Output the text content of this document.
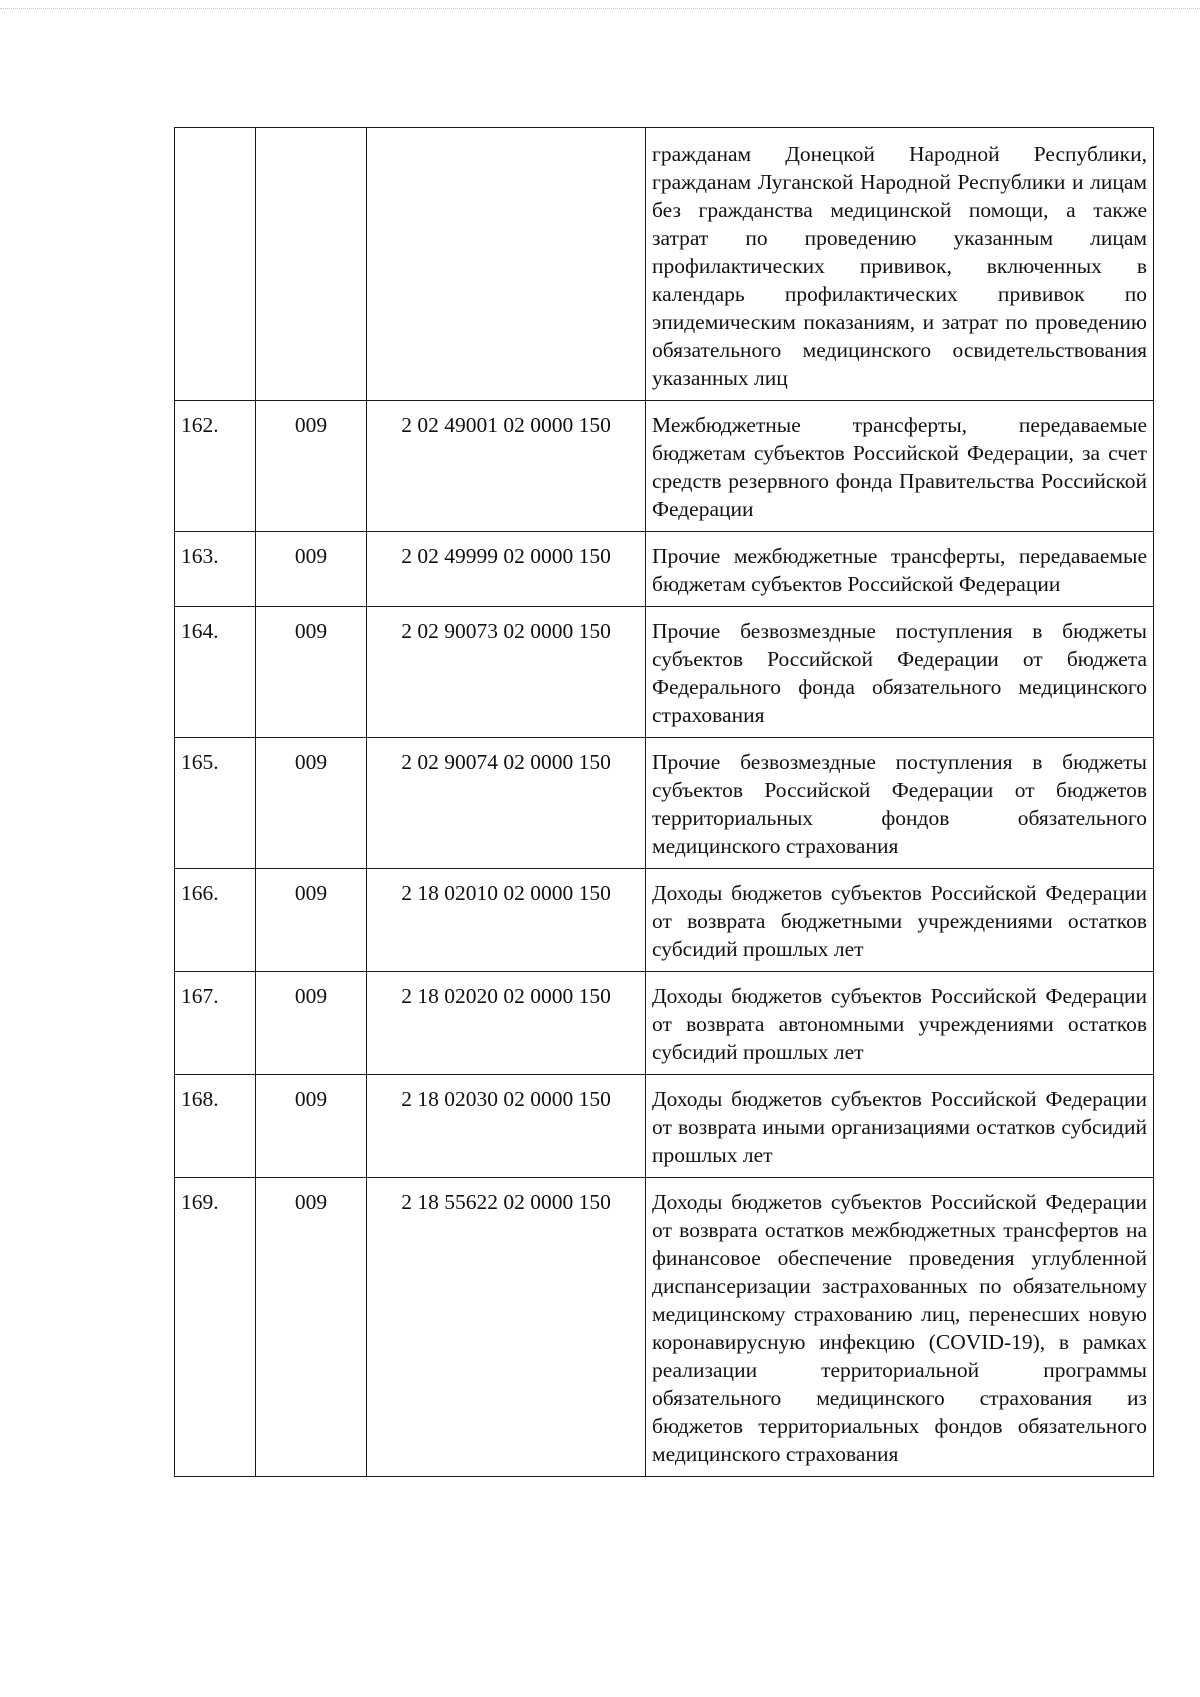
			гражданам Донецкой Народной Республики, гражданам Луганской Народной Республики и лицам без гражданства медицинской помощи, а также затрат по проведению указанным лицам профилактических прививок, включенных в календарь профилактических прививок по эпидемическим показаниям, и затрат по проведению обязательного медицинского освидетельствования указанных лиц
162.	009	2 02 49001 02 0000 150	Межбюджетные трансферты, передаваемые бюджетам субъектов Российской Федерации, за счет средств резервного фонда Правительства Российской Федерации
163.	009	2 02 49999 02 0000 150	Прочие межбюджетные трансферты, передаваемые бюджетам субъектов Российской Федерации
164.	009	2 02 90073 02 0000 150	Прочие безвозмездные поступления в бюджеты субъектов Российской Федерации от бюджета Федерального фонда обязательного медицинского страхования
165.	009	2 02 90074 02 0000 150	Прочие безвозмездные поступления в бюджеты субъектов Российской Федерации от бюджетов территориальных фондов обязательного медицинского страхования
166.	009	2 18 02010 02 0000 150	Доходы бюджетов субъектов Российской Федерации от возврата бюджетными учреждениями остатков субсидий прошлых лет
167.	009	2 18 02020 02 0000 150	Доходы бюджетов субъектов Российской Федерации от возврата автономными учреждениями остатков субсидий прошлых лет
168.	009	2 18 02030 02 0000 150	Доходы бюджетов субъектов Российской Федерации от возврата иными организациями остатков субсидий прошлых лет
169.	009	2 18 55622 02 0000 150	Доходы бюджетов субъектов Российской Федерации от возврата остатков межбюджетных трансфертов на финансовое обеспечение проведения углубленной диспансеризации застрахованных по обязательному медицинскому страхованию лиц, перенесших новую коронавирусную инфекцию (COVID-19), в рамках реализации территориальной программы обязательного медицинского страхования из бюджетов территориальных фондов обязательного медицинского страхования
